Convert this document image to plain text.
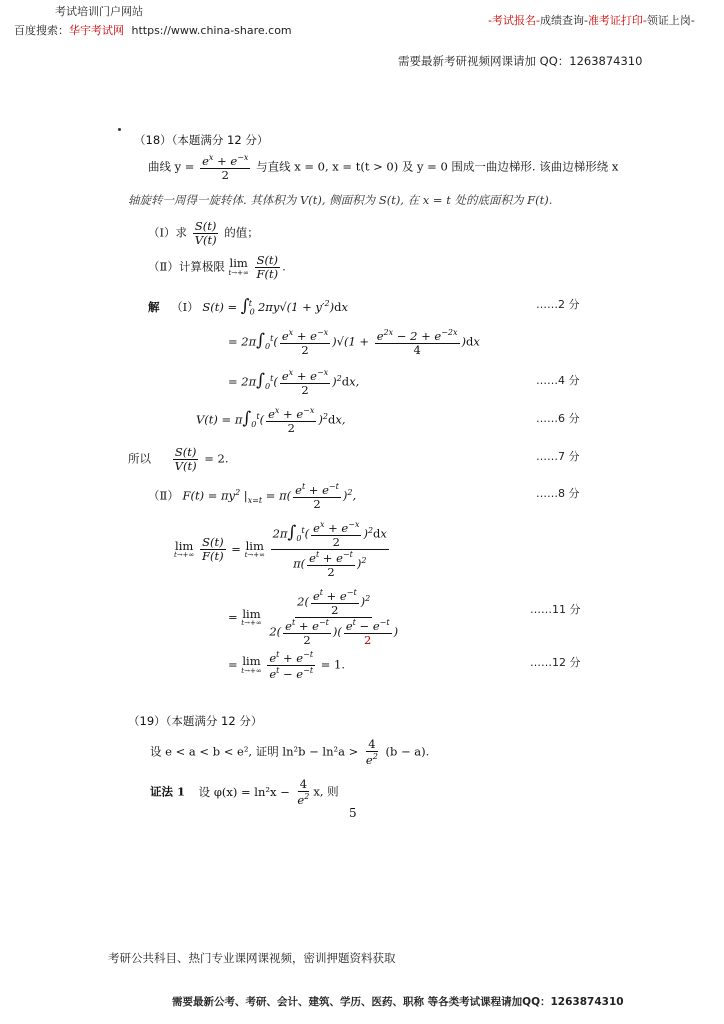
考试培训门户网站
百度搜索：华宇考试网 https://www.china-share.com
-考试报名-成绩查询-准考证打印-领证上岗-
需要最新考研视频网课请加 QQ：1263874310
（18）（本题满分 12 分）
曲线 $y = \frac{e^x + e^{-x}}{2}$ 与直线 x = 0, x = t(t > 0) 及 y = 0 围成一曲边梯形. 该曲边梯形绕 x
轴旋转一周得一旋转体. 其体积为 V(t), 侧面积为 S(t), 在 x = t 处的底面积为 F(t).
（Ⅰ）求 $\frac{S(t)}{V(t)}$ 的值；
（Ⅱ）计算极限 lim
t→+∞
$\frac{S(t)}{F(t)}$ .
解 （Ⅰ） $S(t) = \int_0^t$ $2\pi y√(1 + y'^2)dx$	……2 分
= $2\pi\int_0^t( \frac{e^x + e^{-x}}{2} )√(1 + \frac{e^{2x} - 2 + e^{-2x}}{4} )dx$
= $2\pi\int_0^t( \frac{e^x + e^{-x}}{2} )^2dx$,	……4 分
$V(t) = \pi\int_0^t( \frac{e^x + e^{-x}}{2} )^2dx$,	……6 分
所以 $\frac{S(t)}{V(t)} = 2$.	……7 分
（Ⅱ） $F(t) = \pi y^2$ $|_{x=t} = \pi( \frac{e^t + e^{-t}}{2} )^2$,	……8 分
lim
t→+∞
$\frac{S(t)}{F(t)} = \lim$
t→+∞
$\frac{2\pi\int_0^t( \frac{e^x + e^{-x}}{2} )^2dx}{\pi( \frac{e^t + e^{-t}}{2} )^2}$
= lim
t→+∞
$\frac{2( \frac{e^t + e^{-t}}{2} )^2}{2( \frac{e^t + e^{-t}}{2} )( \frac{e^t - e^{-t}}{2} )}$	……11 分
= lim
t→+∞
$\frac{e^t + e^{-t}}{e^t - e^{-t}} = 1$.	……12 分
（19）（本题满分 12 分）
设 e < a < b < e², 证明 $\ln^2b - \ln^2a > \frac{4}{e^2} (b - a)$.
证法 1 设 $\varphi(x) = \ln^2x - \frac{4}{e^2} x$, 则
5
考研公共科目、热门专业课网课视频，密训押题资料获取
需要最新公考、考研、会计、建筑、学历、医药、职称 等各类考试课程请加QQ：1263874310
